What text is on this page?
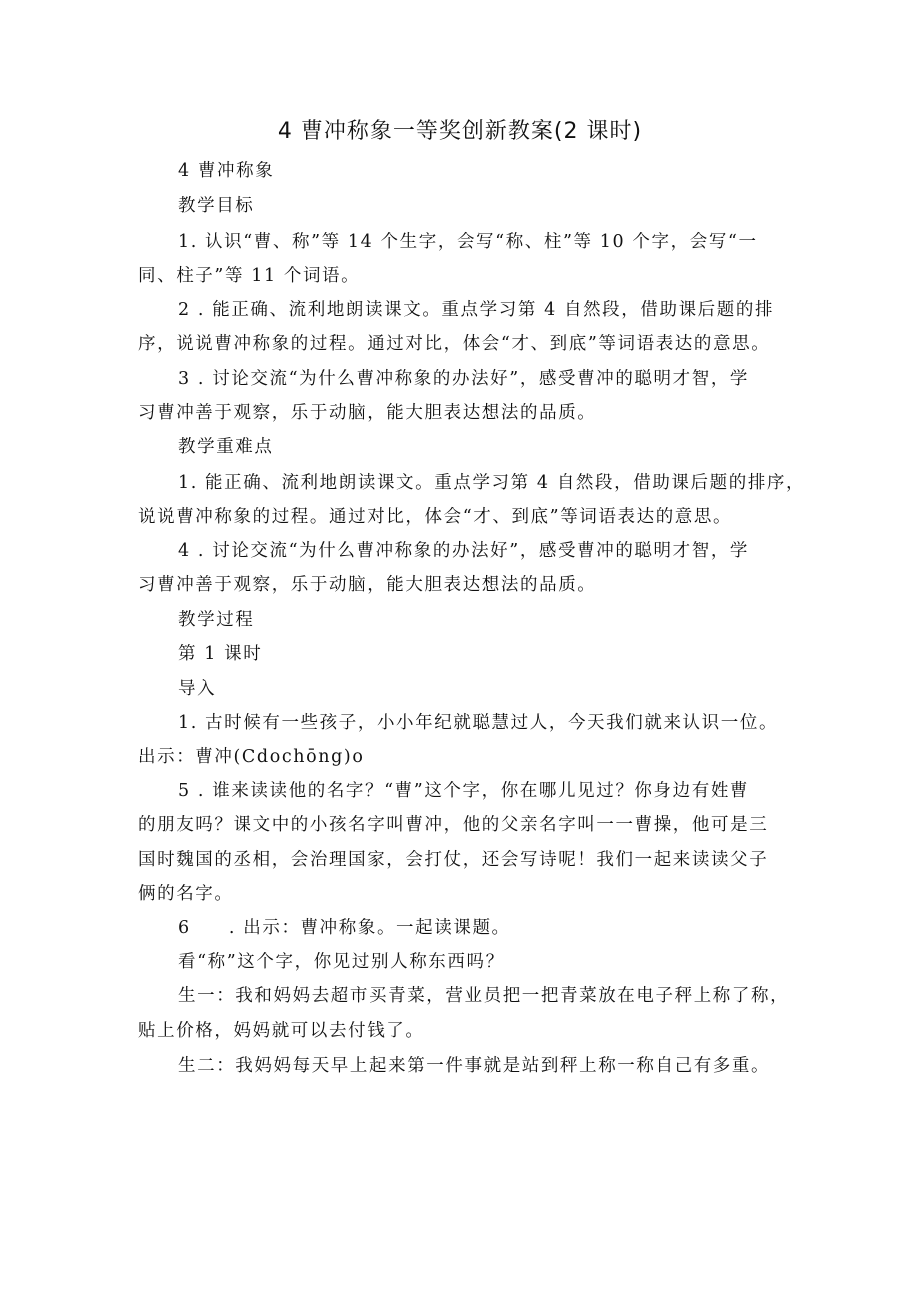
4 曹冲称象一等奖创新教案(2 课时)
4 曹冲称象
教学目标
1. 认识“曹、称”等 14 个生字，会写“称、柱”等 10 个字，会写“一
同、柱子”等 11 个词语。
2 . 能正确、流利地朗读课文。重点学习第 4 自然段，借助课后题的排
序，说说曹冲称象的过程。通过对比，体会“才、到底”等词语表达的意思。
3 . 讨论交流“为什么曹冲称象的办法好”，感受曹冲的聪明才智，学
习曹冲善于观察，乐于动脑，能大胆表达想法的品质。
教学重难点
1. 能正确、流利地朗读课文。重点学习第 4 自然段，借助课后题的排序，
说说曹冲称象的过程。通过对比，体会“才、到底”等词语表达的意思。
4 . 讨论交流“为什么曹冲称象的办法好”，感受曹冲的聪明才智，学
习曹冲善于观察，乐于动脑，能大胆表达想法的品质。
教学过程
第 1 课时
导入
1. 古时候有一些孩子，小小年纪就聪慧过人，今天我们就来认识一位。
出示：曹冲(Cdochōng)o
5 . 谁来读读他的名字？“曹”这个字，你在哪儿见过？你身边有姓曹
的朋友吗？课文中的小孩名字叫曹冲，他的父亲名字叫一一曹操，他可是三
国时魏国的丞相，会治理国家，会打仗，还会写诗呢！我们一起来读读父子
俩的名字。
6　　. 出示：曹冲称象。一起读课题。
看“称”这个字，你见过别人称东西吗？
生一：我和妈妈去超市买青菜，营业员把一把青菜放在电子秤上称了称，
贴上价格，妈妈就可以去付钱了。
生二：我妈妈每天早上起来第一件事就是站到秤上称一称自己有多重。
